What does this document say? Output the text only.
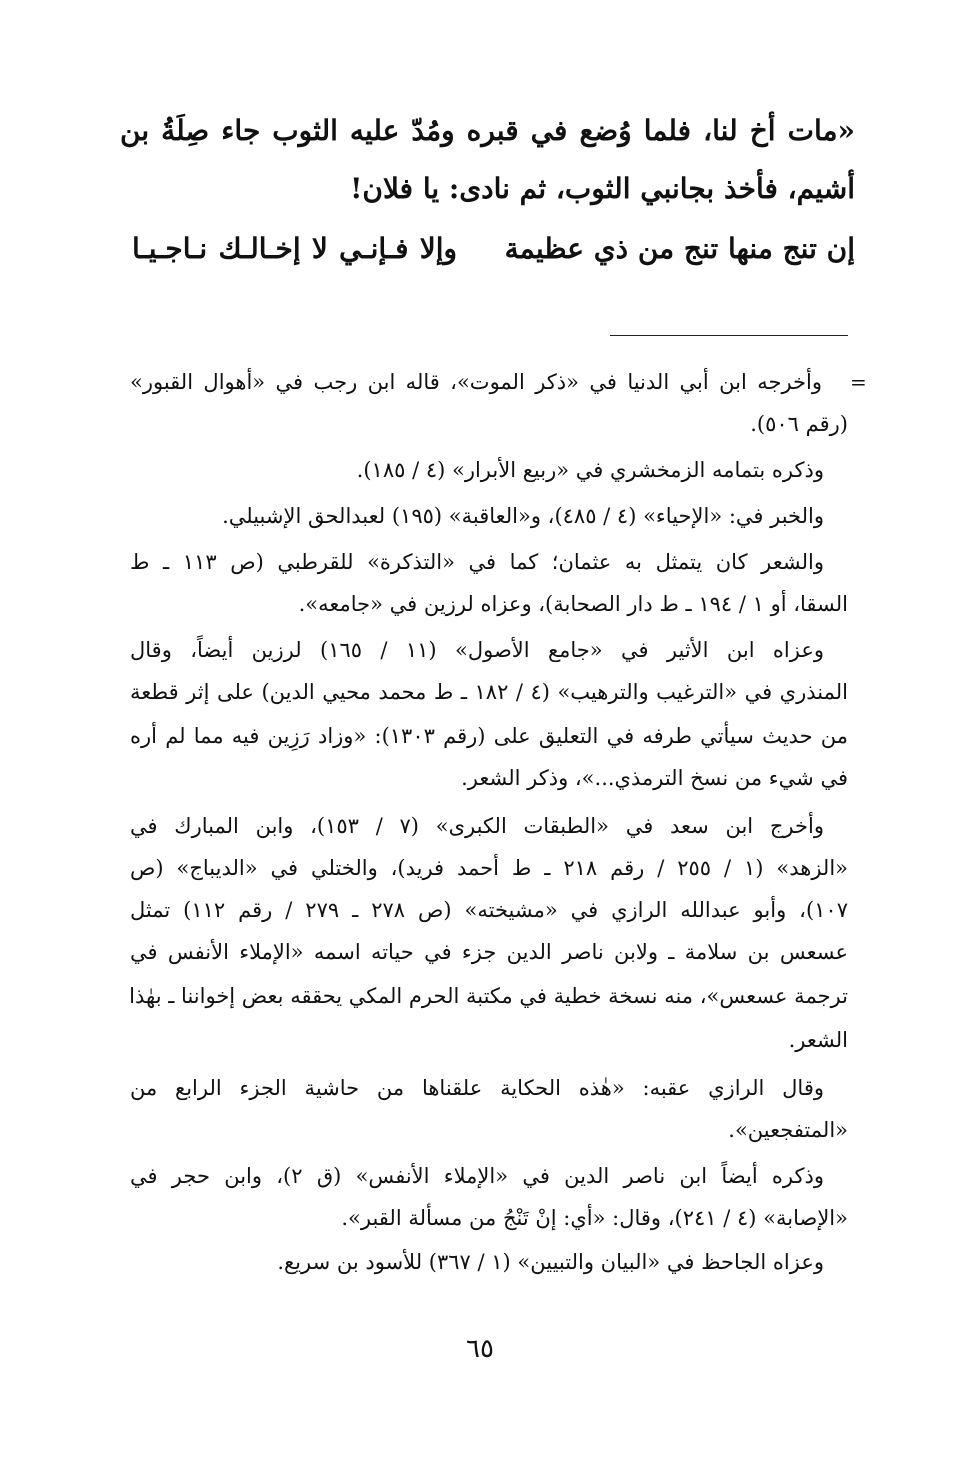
«مات أخ لنا، فلما وُضع في قبره ومُدّ عليه الثوب جاء صِلَةُ بن
أشيم، فأخذ بجانبي الثوب، ثم نادى: يا فلان!
إن تنج منها تنج من ذي عظيمة
وإلا فـإنـي لا إخـالـك نـاجـيـا
=
وأخرجه ابن أبي الدنيا في «ذكر الموت»، قاله ابن رجب في «أهوال القبور»
(رقم ٥٠٦).
وذكره بتمامه الزمخشري في «ربيع الأبرار» (٤ / ١٨٥).
والخبر في: «الإحياء» (٤ / ٤٨٥)، و«العاقبة» (١٩٥) لعبدالحق الإشبيلي.
والشعر كان يتمثل به عثمان؛ كما في «التذكرة» للقرطبي (ص ١١٣ ـ ط
السقا، أو ١ / ١٩٤ ـ ط دار الصحابة)، وعزاه لرزين في «جامعه».
وعزاه ابن الأثير في «جامع الأصول» (١١ / ١٦٥) لرزين أيضاً، وقال
المنذري في «الترغيب والترهيب» (٤ / ١٨٢ ـ ط محمد محيي الدين) على إثر قطعة
من حديث سيأتي طرفه في التعليق على (رقم ١٣٠٣): «وزاد رَزِين فيه مما لم أره
في شيء من نسخ الترمذي...»، وذكر الشعر.
وأخرج ابن سعد في «الطبقات الكبرى» (٧ / ١٥٣)، وابن المبارك في
«الزهد» (١ / ٢٥٥ / رقم ٢١٨ ـ ط أحمد فريد)، والختلي في «الديباج» (ص
١٠٧)، وأبو عبدالله الرازي في «مشيخته» (ص ٢٧٨ ـ ٢٧٩ / رقم ١١٢) تمثل
عسعس بن سلامة ـ ولابن ناصر الدين جزء في حياته اسمه «الإملاء الأنفس في
ترجمة عسعس»، منه نسخة خطية في مكتبة الحرم المكي يحققه بعض إخواننا ـ بهٰذا
الشعر.
وقال الرازي عقبه: «هٰذه الحكاية علقناها من حاشية الجزء الرابع من
«المتفجعين».
وذكره أيضاً ابن ناصر الدين في «الإملاء الأنفس» (ق ٢)، وابن حجر في
«الإصابة» (٤ / ٢٤١)، وقال: «أي: إنْ تَنْجُ من مسألة القبر».
وعزاه الجاحظ في «البيان والتبيين» (١ / ٣٦٧) للأسود بن سريع.
٦٥
